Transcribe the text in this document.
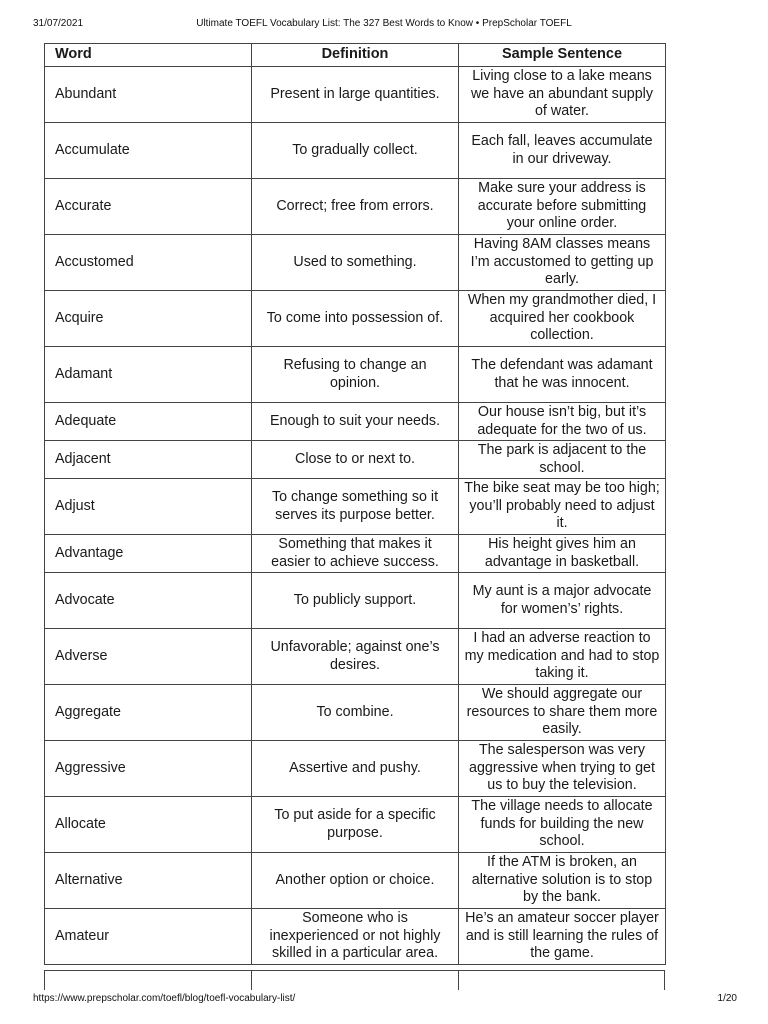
31/07/2021	Ultimate TOEFL Vocabulary List: The 327 Best Words to Know • PrepScholar TOEFL
Word	Definition	Sample Sentence
Abundant	Present in large quantities.	Living close to a lake means we have an abundant supply of water.
Accumulate	To gradually collect.	Each fall, leaves accumulate in our driveway.
Accurate	Correct; free from errors.	Make sure your address is accurate before submitting your online order.
Accustomed	Used to something.	Having 8AM classes means I’m accustomed to getting up early.
Acquire	To come into possession of.	When my grandmother died, I acquired her cookbook collection.
Adamant	Refusing to change an opinion.	The defendant was adamant that he was innocent.
Adequate	Enough to suit your needs.	Our house isn’t big, but it’s adequate for the two of us.
Adjacent	Close to or next to.	The park is adjacent to the school.
Adjust	To change something so it serves its purpose better.	The bike seat may be too high; you’ll probably need to adjust it.
Advantage	Something that makes it easier to achieve success.	His height gives him an advantage in basketball.
Advocate	To publicly support.	My aunt is a major advocate for women’s’ rights.
Adverse	Unfavorable; against one’s desires.	I had an adverse reaction to my medication and had to stop taking it.
Aggregate	To combine.	We should aggregate our resources to share them more easily.
Aggressive	Assertive and pushy.	The salesperson was very aggressive when trying to get us to buy the television.
Allocate	To put aside for a specific purpose.	The village needs to allocate funds for building the new school.
Alternative	Another option or choice.	If the ATM is broken, an alternative solution is to stop by the bank.
Amateur	Someone who is inexperienced or not highly skilled in a particular area.	He’s an amateur soccer player and is still learning the rules of the game.
https://www.prepscholar.com/toefl/blog/toefl-vocabulary-list/	1/20
